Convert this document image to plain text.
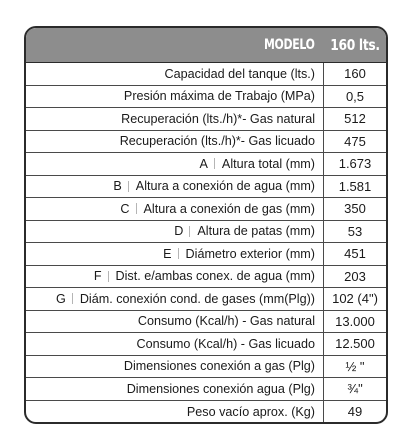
MODELO	160 lts.
Capacidad del tanque (lts.)	160
Presión máxima de Trabajo (MPa)	0,5
Recuperación (lts./h)*- Gas natural	512
Recuperación (lts./h)*- Gas licuado	475
A Altura total (mm)	1.673
B Altura a conexión de agua (mm)	1.581
C Altura a conexión de gas (mm)	350
D Altura de patas (mm)	53
E Diámetro exterior (mm)	451
F Dist. e/ambas conex. de agua (mm)	203
G Diám. conexión cond. de gases (mm(Plg))	102 (4")
Consumo (Kcal/h) - Gas natural	13.000
Consumo (Kcal/h) - Gas licuado	12.500
Dimensiones conexión a gas (Plg)	½ "
Dimensiones conexión agua (Plg)	¾"
Peso vacío aprox. (Kg)	49
